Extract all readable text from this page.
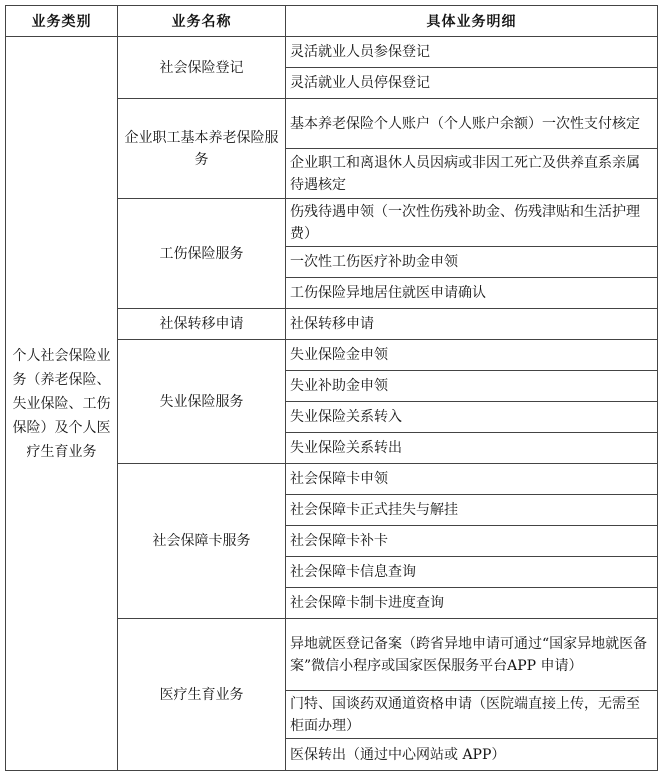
业务类别	业务名称	具体业务明细
个人社会保险业务（养老保险、失业保险、工伤保险）及个人医疗生育业务	社会保险登记	灵活就业人员参保登记
		灵活就业人员停保登记
	企业职工基本养老保险服务	基本养老保险个人账户（个人账户余额）一次性支付核定
		企业职工和离退休人员因病或非因工死亡及供养直系亲属待遇核定
	工伤保险服务	伤残待遇申领（一次性伤残补助金、伤残津贴和生活护理费）
		一次性工伤医疗补助金申领
		工伤保险异地居住就医申请确认
	社保转移申请	社保转移申请
	失业保险服务	失业保险金申领
		失业补助金申领
		失业保险关系转入
		失业保险关系转出
	社会保障卡服务	社会保障卡申领
		社会保障卡正式挂失与解挂
		社会保障卡补卡
		社会保障卡信息查询
		社会保障卡制卡进度查询
	医疗生育业务	异地就医登记备案（跨省异地申请可通过“国家异地就医备案”微信小程序或国家医保服务平台APP 申请）
		门特、国谈药双通道资格申请（医院端直接上传，无需至柜面办理）
		医保转出（通过中心网站或 APP）
